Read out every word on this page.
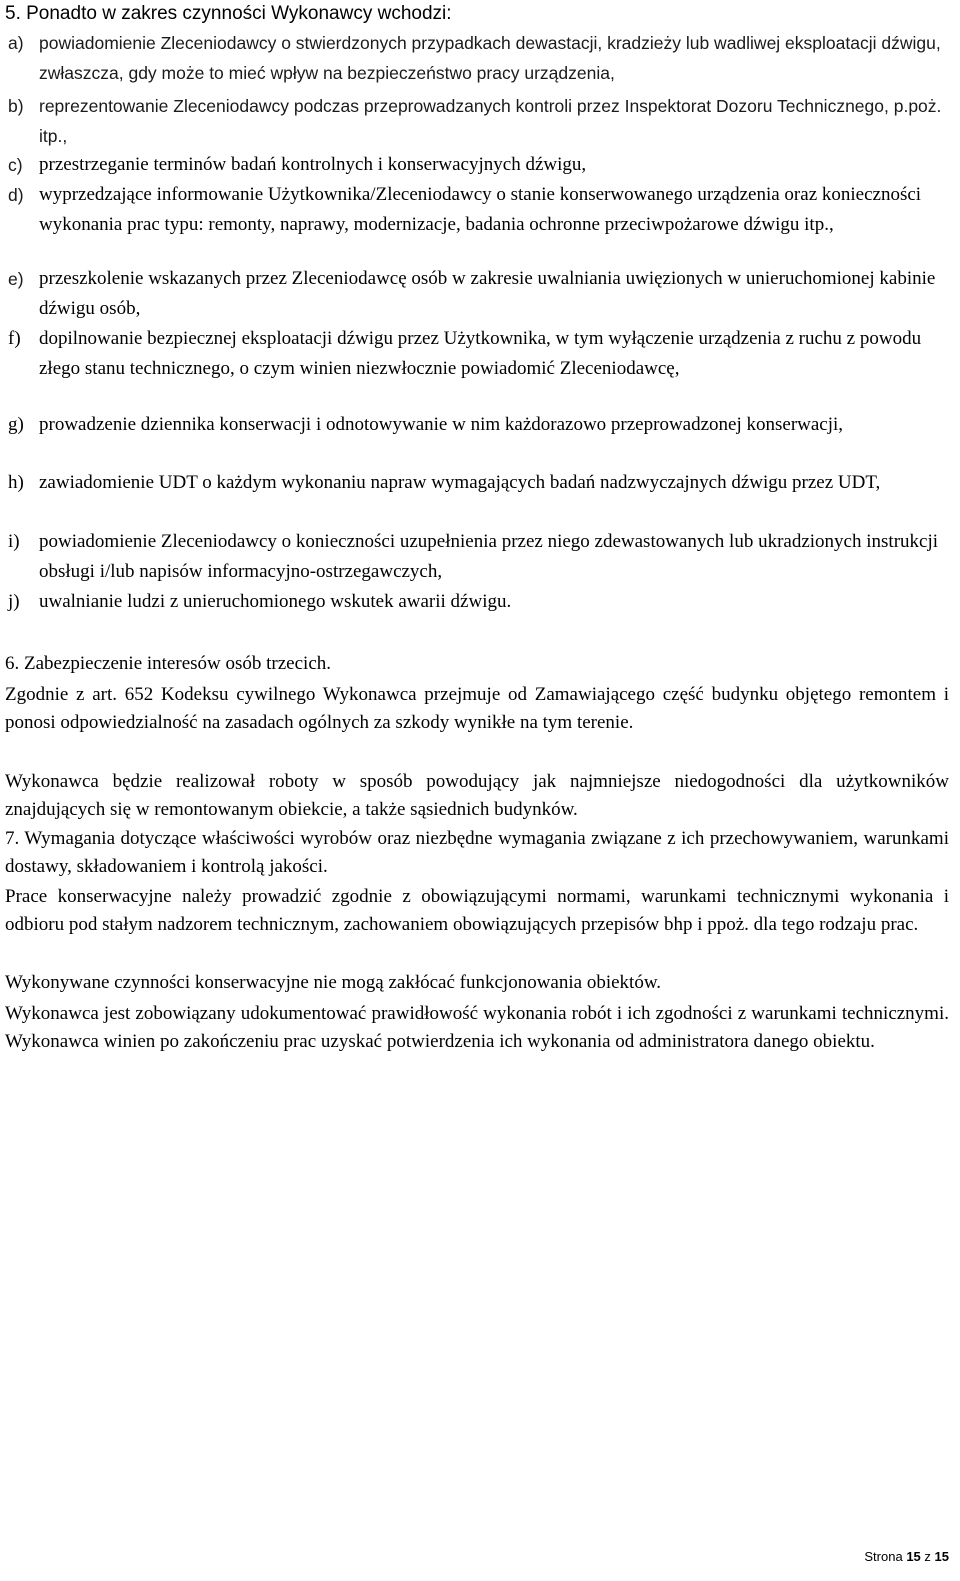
5. Ponadto w zakres czynności Wykonawcy wchodzi:
a) powiadomienie Zleceniodawcy o stwierdzonych przypadkach dewastacji, kradzieży lub wadliwej eksploatacji dźwigu, zwłaszcza, gdy może to mieć wpływ na bezpieczeństwo pracy urządzenia,
b) reprezentowanie Zleceniodawcy podczas przeprowadzanych kontroli przez Inspektorat Dozoru Technicznego, p.poż. itp.,
c) przestrzeganie terminów badań kontrolnych i konserwacyjnych dźwigu,
d) wyprzedzające informowanie Użytkownika/Zleceniodawcy o stanie konserwowanego urządzenia oraz konieczności wykonania prac typu: remonty, naprawy, modernizacje, badania ochronne przeciwpożarowe dźwigu itp.,
e) przeszkolenie wskazanych przez Zleceniodawcę osób w zakresie uwalniania uwięzionych w unieruchomionej kabinie dźwigu osób,
f) dopilnowanie bezpiecznej eksploatacji dźwigu przez Użytkownika, w tym wyłączenie urządzenia z ruchu z powodu złego stanu technicznego, o czym winien niezwłocznie powiadomić Zleceniodawcę,
g) prowadzenie dziennika konserwacji i odnotowywanie w nim każdorazowo przeprowadzonej konserwacji,
h) zawiadomienie UDT o każdym wykonaniu napraw wymagających badań nadzwyczajnych dźwigu przez UDT,
i)	powiadomienie Zleceniodawcy o konieczności uzupełnienia przez niego zdewastowanych lub ukradzionych instrukcji obsługi i/lub napisów informacyjno-ostrzegawczych,
j)	uwalnianie ludzi z unieruchomionego wskutek awarii dźwigu.
6. Zabezpieczenie interesów osób trzecich.
Zgodnie z art. 652 Kodeksu cywilnego Wykonawca przejmuje od Zamawiającego część budynku objętego remontem i ponosi odpowiedzialność na zasadach ogólnych za szkody wynikłe na tym terenie.
Wykonawca będzie realizował roboty w sposób powodujący jak najmniejsze niedogodności dla użytkowników znajdujących się w remontowanym obiekcie, a także sąsiednich budynków.
7. Wymagania dotyczące właściwości wyrobów oraz niezbędne wymagania związane z ich przechowywaniem, warunkami dostawy, składowaniem i kontrolą jakości.
Prace konserwacyjne należy prowadzić zgodnie z obowiązującymi normami, warunkami technicznymi wykonania i odbioru pod stałym nadzorem technicznym, zachowaniem obowiązujących przepisów bhp i ppoż. dla tego rodzaju prac.
Wykonywane czynności konserwacyjne nie mogą zakłócać funkcjonowania obiektów.
Wykonawca jest zobowiązany udokumentować prawidłowość wykonania robót i ich zgodności z warunkami technicznymi. Wykonawca winien po zakończeniu prac uzyskać potwierdzenia ich wykonania od administratora danego obiektu.
Strona 15 z 15
